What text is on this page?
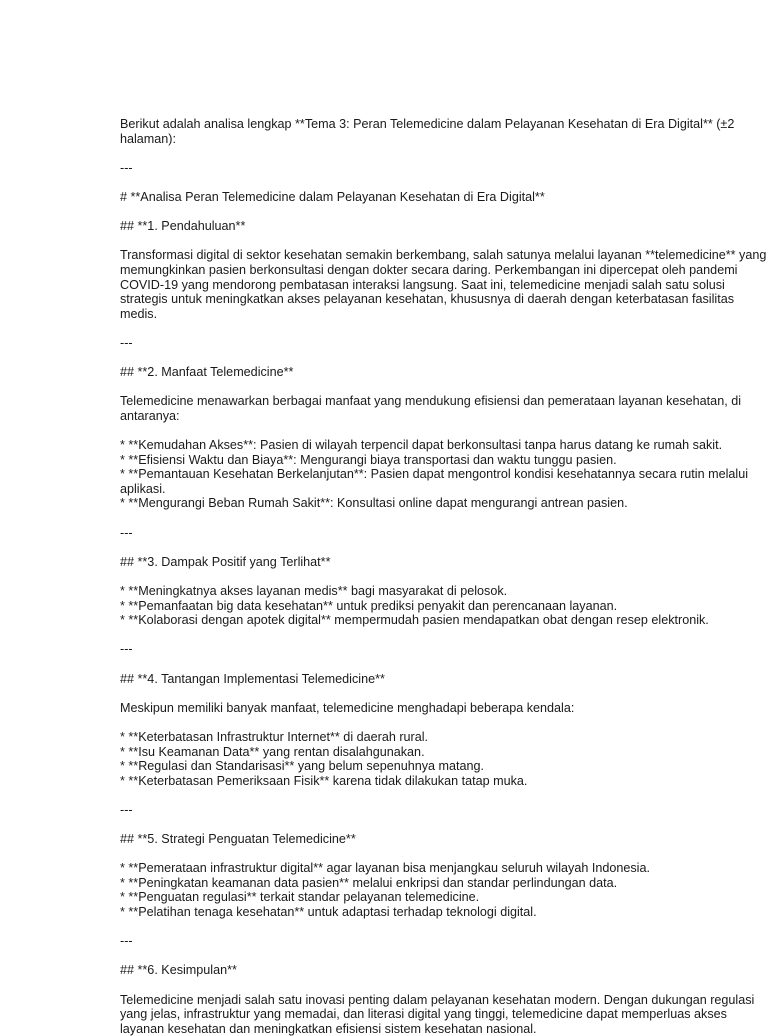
Berikut adalah analisa lengkap **Tema 3: Peran Telemedicine dalam Pelayanan Kesehatan di Era Digital** (±2
halaman):

---

# **Analisa Peran Telemedicine dalam Pelayanan Kesehatan di Era Digital**

## **1. Pendahuluan**

Transformasi digital di sektor kesehatan semakin berkembang, salah satunya melalui layanan **telemedicine** yang
memungkinkan pasien berkonsultasi dengan dokter secara daring. Perkembangan ini dipercepat oleh pandemi
COVID-19 yang mendorong pembatasan interaksi langsung. Saat ini, telemedicine menjadi salah satu solusi
strategis untuk meningkatkan akses pelayanan kesehatan, khususnya di daerah dengan keterbatasan fasilitas
medis.

---

## **2. Manfaat Telemedicine**

Telemedicine menawarkan berbagai manfaat yang mendukung efisiensi dan pemerataan layanan kesehatan, di
antaranya:

* **Kemudahan Akses**: Pasien di wilayah terpencil dapat berkonsultasi tanpa harus datang ke rumah sakit.

* **Efisiensi Waktu dan Biaya**: Mengurangi biaya transportasi dan waktu tunggu pasien.

* **Pemantauan Kesehatan Berkelanjutan**: Pasien dapat mengontrol kondisi kesehatannya secara rutin melalui
aplikasi.

* **Mengurangi Beban Rumah Sakit**: Konsultasi online dapat mengurangi antrean pasien.

---

## **3. Dampak Positif yang Terlihat**

* **Meningkatnya akses layanan medis** bagi masyarakat di pelosok.

* **Pemanfaatan big data kesehatan** untuk prediksi penyakit dan perencanaan layanan.

* **Kolaborasi dengan apotek digital** mempermudah pasien mendapatkan obat dengan resep elektronik.

---

## **4. Tantangan Implementasi Telemedicine**

Meskipun memiliki banyak manfaat, telemedicine menghadapi beberapa kendala:

* **Keterbatasan Infrastruktur Internet** di daerah rural.

* **Isu Keamanan Data** yang rentan disalahgunakan.

* **Regulasi dan Standarisasi** yang belum sepenuhnya matang.

* **Keterbatasan Pemeriksaan Fisik** karena tidak dilakukan tatap muka.

---

## **5. Strategi Penguatan Telemedicine**

* **Pemerataan infrastruktur digital** agar layanan bisa menjangkau seluruh wilayah Indonesia.

* **Peningkatan keamanan data pasien** melalui enkripsi dan standar perlindungan data.

* **Penguatan regulasi** terkait standar pelayanan telemedicine.

* **Pelatihan tenaga kesehatan** untuk adaptasi terhadap teknologi digital.

---

## **6. Kesimpulan**

Telemedicine menjadi salah satu inovasi penting dalam pelayanan kesehatan modern. Dengan dukungan regulasi
yang jelas, infrastruktur yang memadai, dan literasi digital yang tinggi, telemedicine dapat memperluas akses
layanan kesehatan dan meningkatkan efisiensi sistem kesehatan nasional.
